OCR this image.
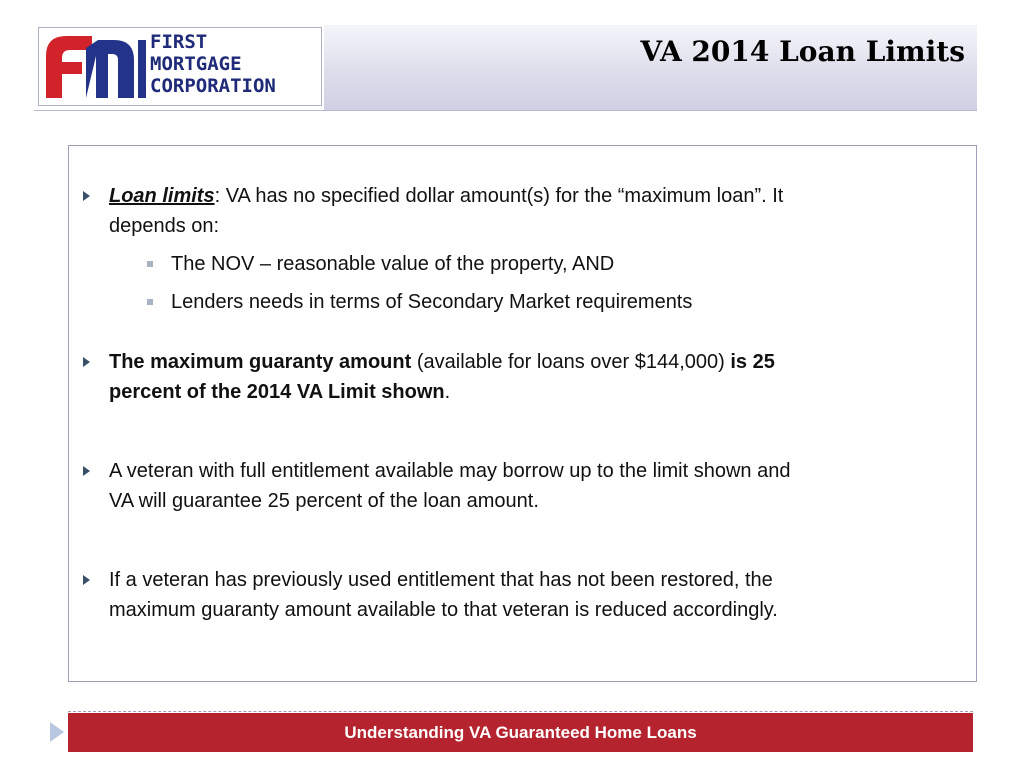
FIRST
MORTGAGE
CORPORATION
VA 2014 Loan Limits
Loan limits: VA has no specified dollar amount(s) for the “maximum loan”. It
depends on:
The NOV – reasonable value of the property, AND
Lenders needs in terms of Secondary Market requirements
The maximum guaranty amount (available for loans over $144,000) is 25
percent of the 2014 VA Limit shown.
A veteran with full entitlement available may borrow up to the limit shown and
VA will guarantee 25 percent of the loan amount.
If a veteran has previously used entitlement that has not been restored, the
maximum guaranty amount available to that veteran is reduced accordingly.
Understanding VA Guaranteed Home Loans
